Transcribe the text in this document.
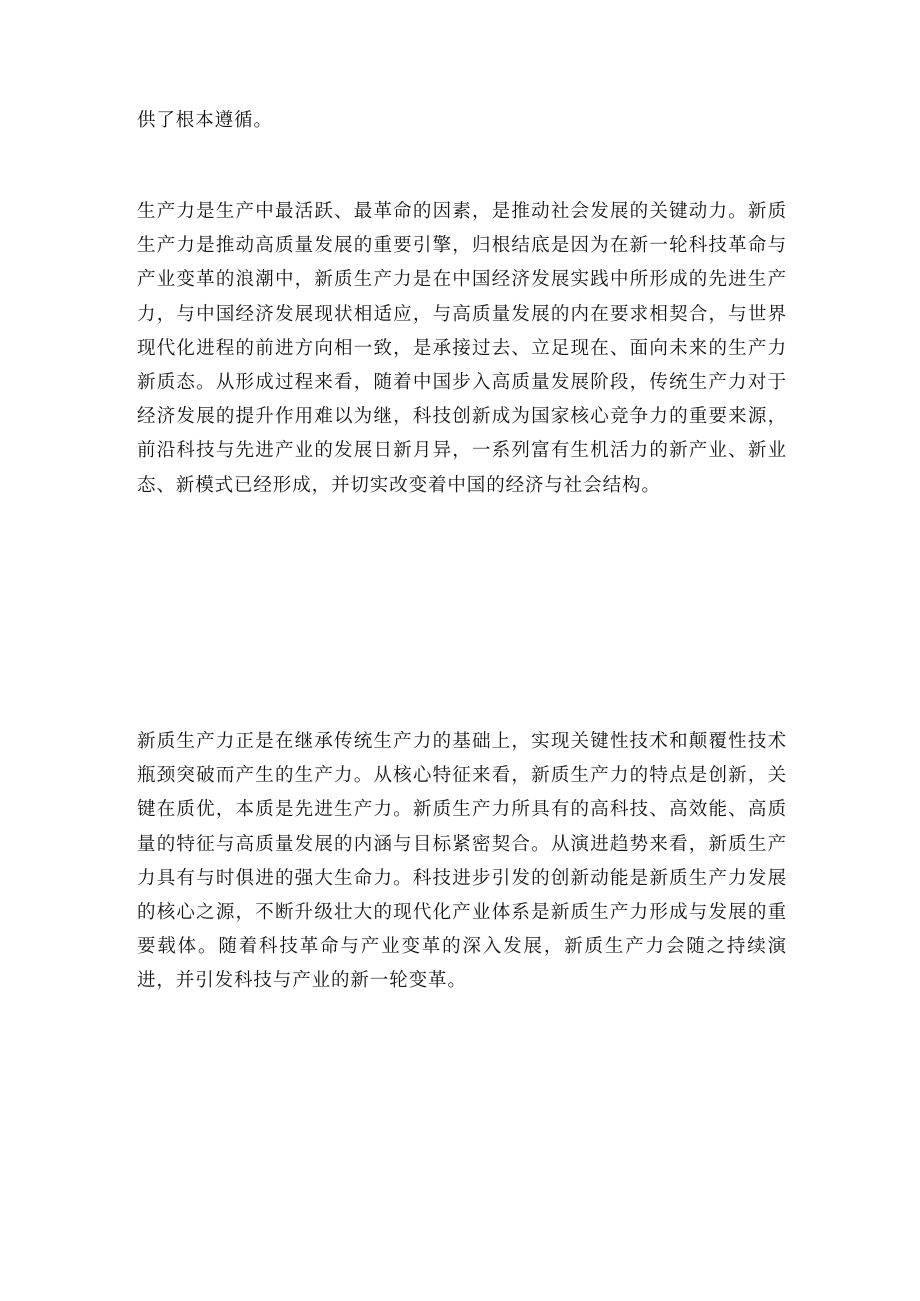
供了根本遵循。

生产力是生产中最活跃、最革命的因素，是推动社会发展的关键动力。新质生产力是推动高质量发展的重要引擎，归根结底是因为在新一轮科技革命与产业变革的浪潮中，新质生产力是在中国经济发展实践中所形成的先进生产力，与中国经济发展现状相适应，与高质量发展的内在要求相契合，与世界现代化进程的前进方向相一致，是承接过去、立足现在、面向未来的生产力新质态。从形成过程来看，随着中国步入高质量发展阶段，传统生产力对于经济发展的提升作用难以为继，科技创新成为国家核心竞争力的重要来源，前沿科技与先进产业的发展日新月异，一系列富有生机活力的新产业、新业态、新模式已经形成，并切实改变着中国的经济与社会结构。

新质生产力正是在继承传统生产力的基础上，实现关键性技术和颠覆性技术瓶颈突破而产生的生产力。从核心特征来看，新质生产力的特点是创新，关键在质优，本质是先进生产力。新质生产力所具有的高科技、高效能、高质量的特征与高质量发展的内涵与目标紧密契合。从演进趋势来看，新质生产力具有与时俱进的强大生命力。科技进步引发的创新动能是新质生产力发展的核心之源，不断升级壮大的现代化产业体系是新质生产力形成与发展的重要载体。随着科技革命与产业变革的深入发展，新质生产力会随之持续演进，并引发科技与产业的新一轮变革。
